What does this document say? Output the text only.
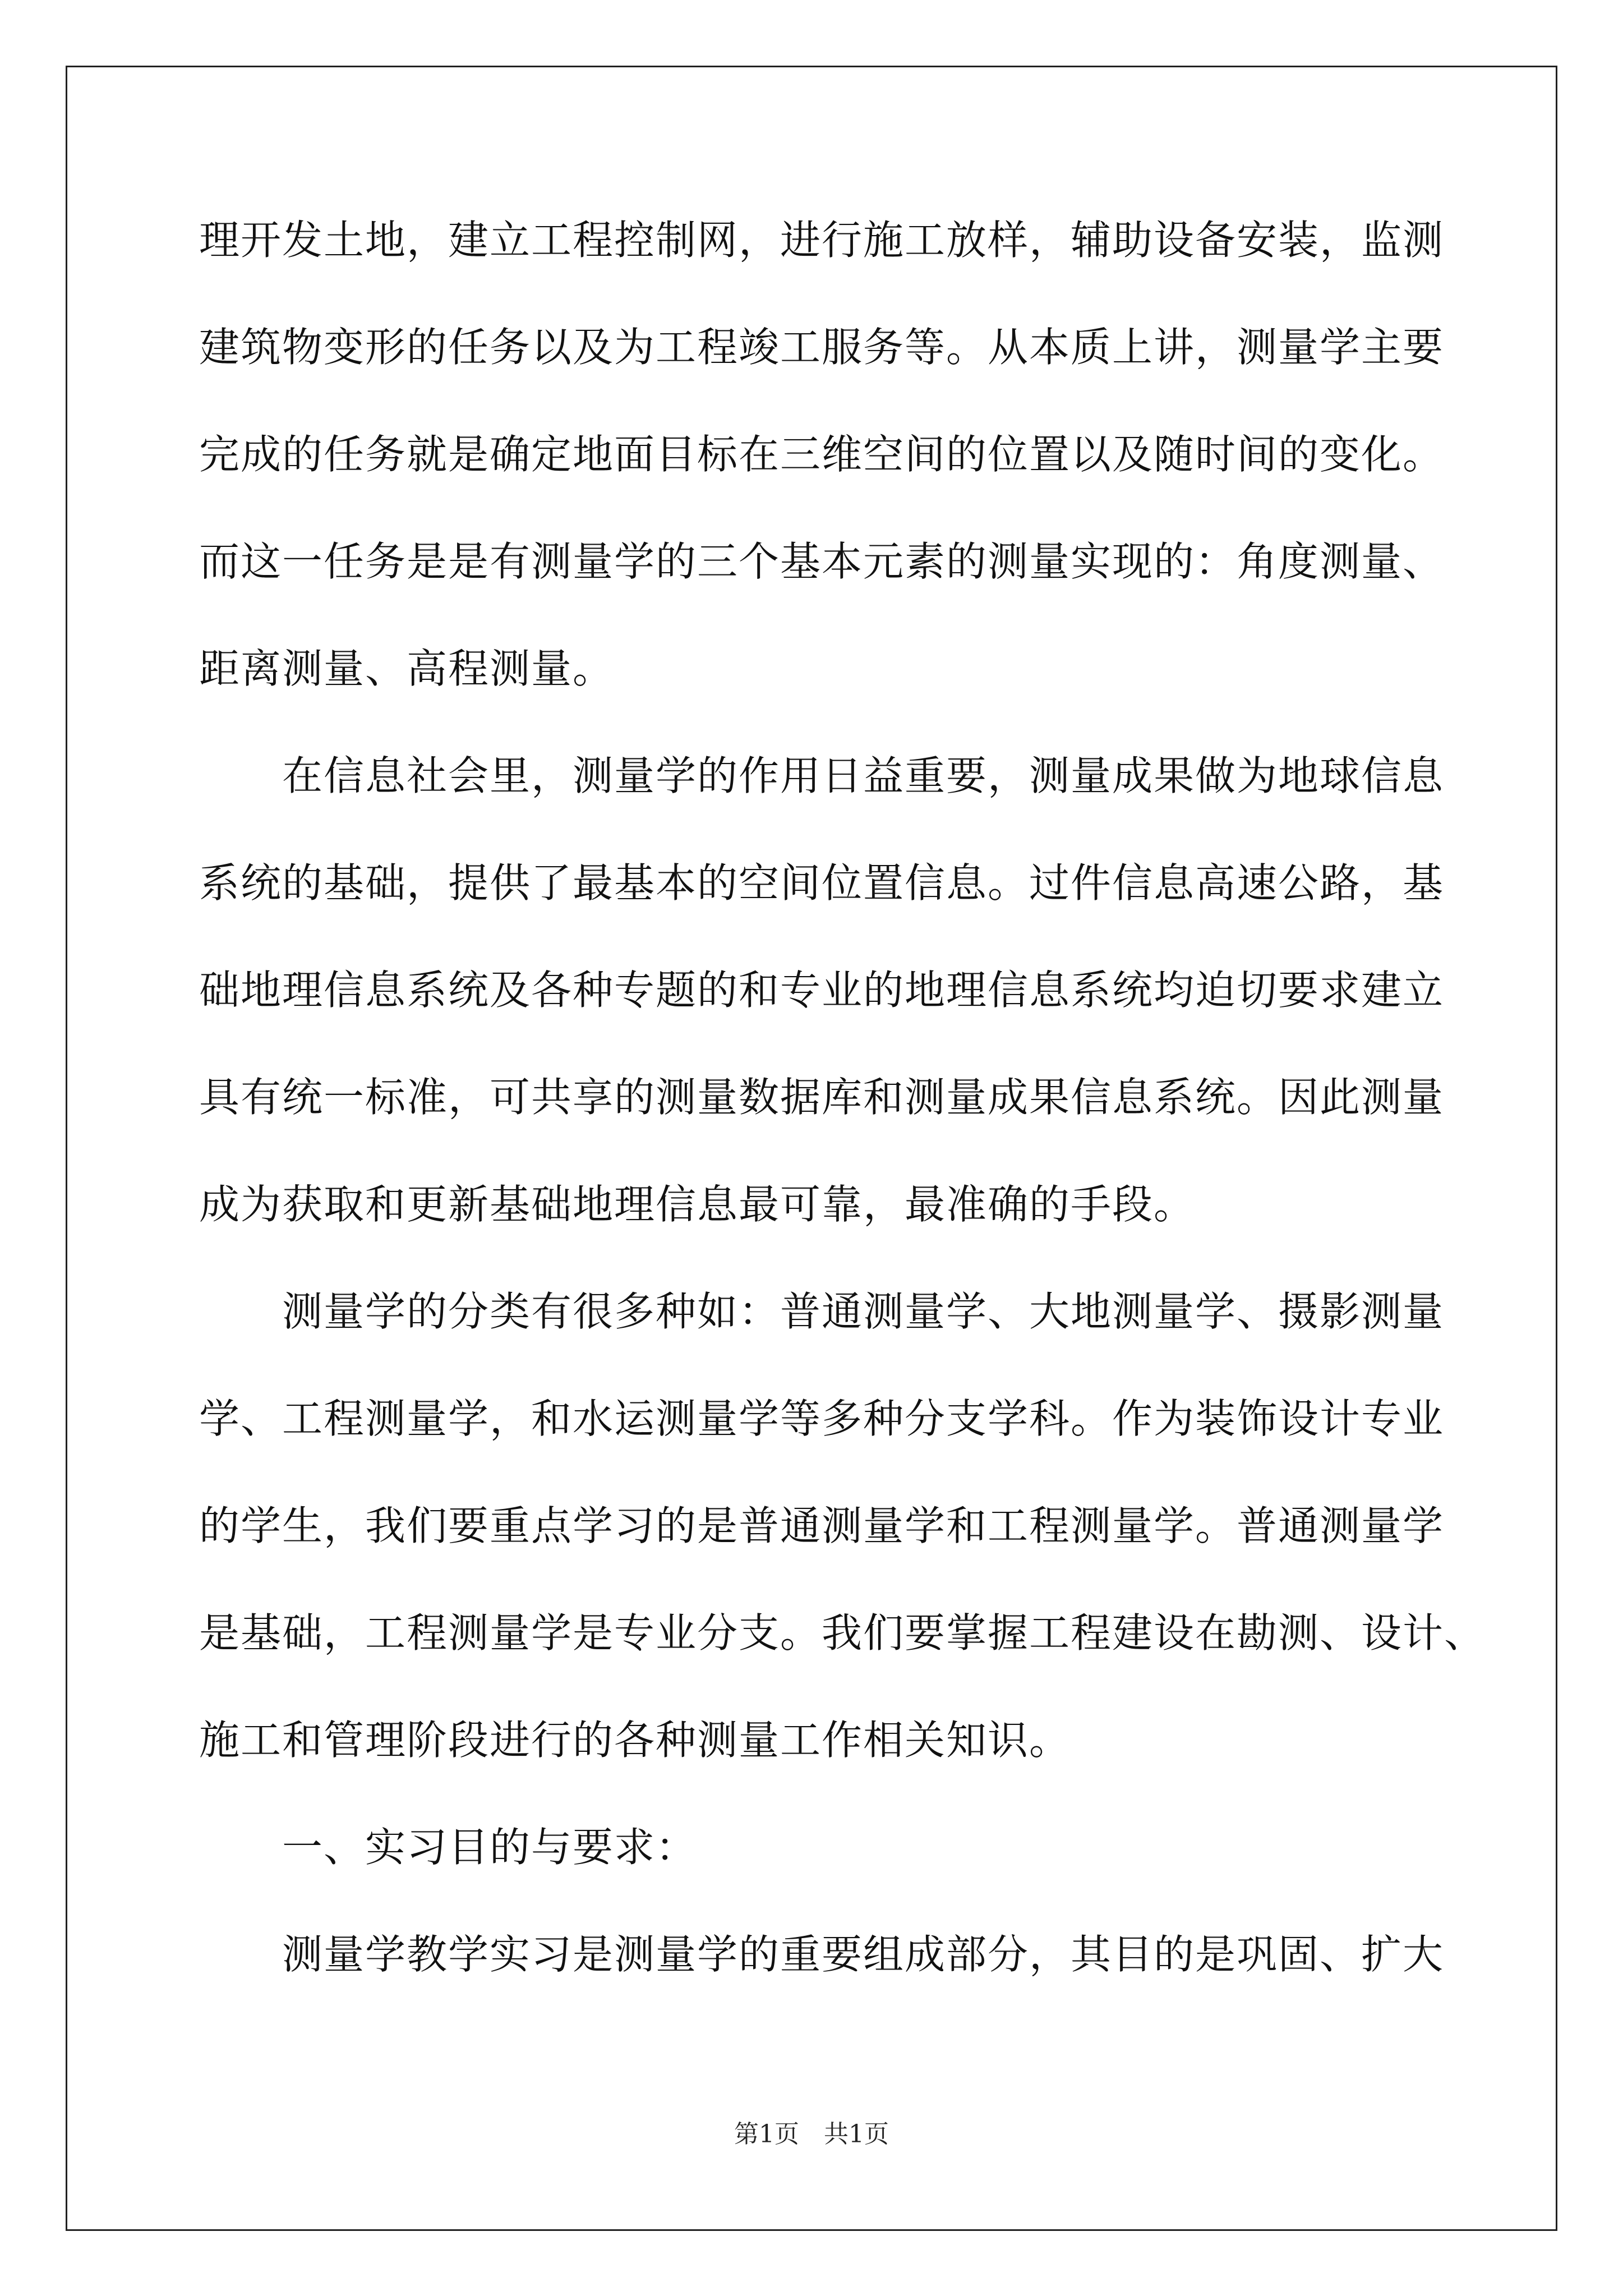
理开发土地，建立工程控制网，进行施工放样，辅助设备安装，监测
建筑物变形的任务以及为工程竣工服务等。从本质上讲，测量学主要
完成的任务就是确定地面目标在三维空间的位置以及随时间的变化。
而这一任务是是有测量学的三个基本元素的测量实现的：角度测量、
距离测量、高程测量。
　　在信息社会里，测量学的作用日益重要，测量成果做为地球信息
系统的基础，提供了最基本的空间位置信息。过件信息高速公路，基
础地理信息系统及各种专题的和专业的地理信息系统均迫切要求建立
具有统一标准，可共享的测量数据库和测量成果信息系统。因此测量
成为获取和更新基础地理信息最可靠，最准确的手段。
　　测量学的分类有很多种如：普通测量学、大地测量学、摄影测量
学、工程测量学，和水运测量学等多种分支学科。作为装饰设计专业
的学生，我们要重点学习的是普通测量学和工程测量学。普通测量学
是基础，工程测量学是专业分支。我们要掌握工程建设在勘测、设计、
施工和管理阶段进行的各种测量工作相关知识。
　　一、实习目的与要求：
　　测量学教学实习是测量学的重要组成部分，其目的是巩固、扩大
第1页　共1页
